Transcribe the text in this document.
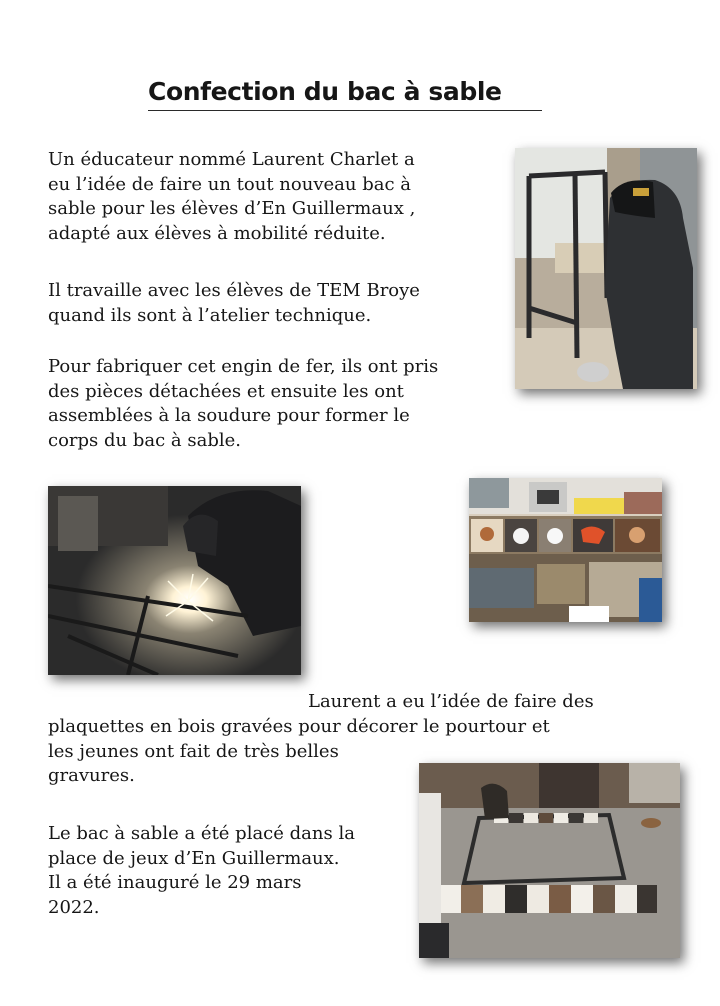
Confection du bac à sable

Un éducateur nommé Laurent Charlet a
eu l’idée de faire un tout nouveau bac à
sable pour les élèves d’En Guillermaux ,
adapté aux élèves à mobilité réduite.

Il travaille avec les élèves de TEM Broye
quand ils sont à l’atelier technique.

Pour fabriquer cet engin de fer, ils ont pris
des pièces détachées et ensuite les ont
assemblées à la soudure pour former le
corps du bac à sable.

Laurent a eu l’idée de faire des

plaquettes en bois gravées pour décorer le pourtour et
les jeunes ont fait de très belles
gravures.

Le bac à sable a été placé dans la
place de jeux d’En Guillermaux.
Il a été inauguré le 29 mars
2022.
